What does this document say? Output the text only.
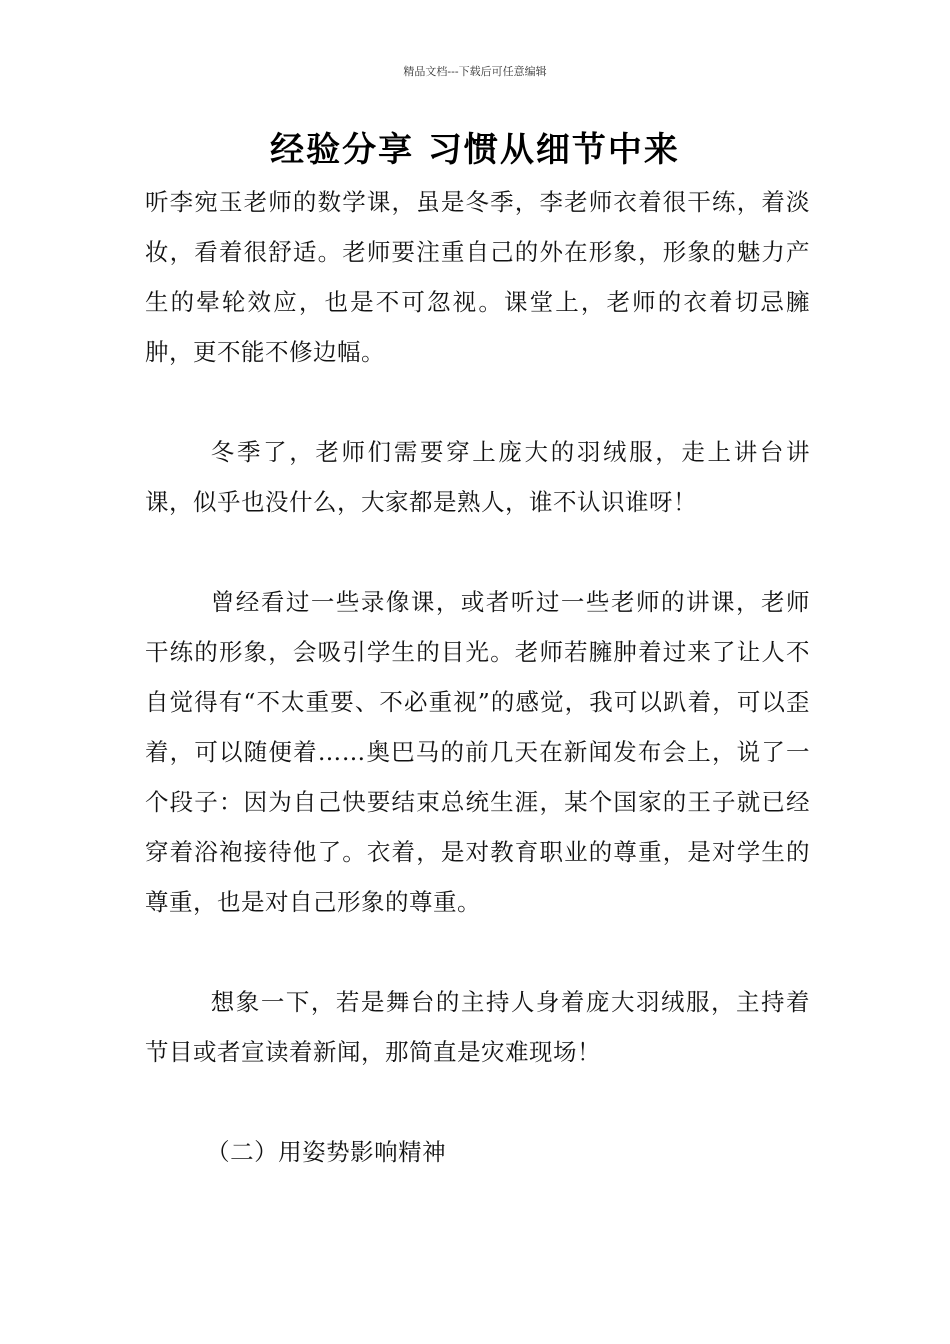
精品文档---下载后可任意编辑
经验分享 习惯从细节中来

听李宛玉老师的数学课，虽是冬季，李老师衣着很干练，着淡妆，看着很舒适。老师要注重自己的外在形象，形象的魅力产生的晕轮效应，也是不可忽视。课堂上，老师的衣着切忌臃肿，更不能不修边幅。

冬季了，老师们需要穿上庞大的羽绒服，走上讲台讲课，似乎也没什么，大家都是熟人，谁不认识谁呀！

曾经看过一些录像课，或者听过一些老师的讲课，老师干练的形象，会吸引学生的目光。老师若臃肿着过来了让人不自觉得有“不太重要、不必重视”的感觉，我可以趴着，可以歪着，可以随便着……奥巴马的前几天在新闻发布会上，说了一个段子：因为自己快要结束总统生涯，某个国家的王子就已经穿着浴袍接待他了。衣着，是对教育职业的尊重，是对学生的尊重，也是对自己形象的尊重。

想象一下，若是舞台的主持人身着庞大羽绒服，主持着节目或者宣读着新闻，那简直是灾难现场！

（二）用姿势影响精神
